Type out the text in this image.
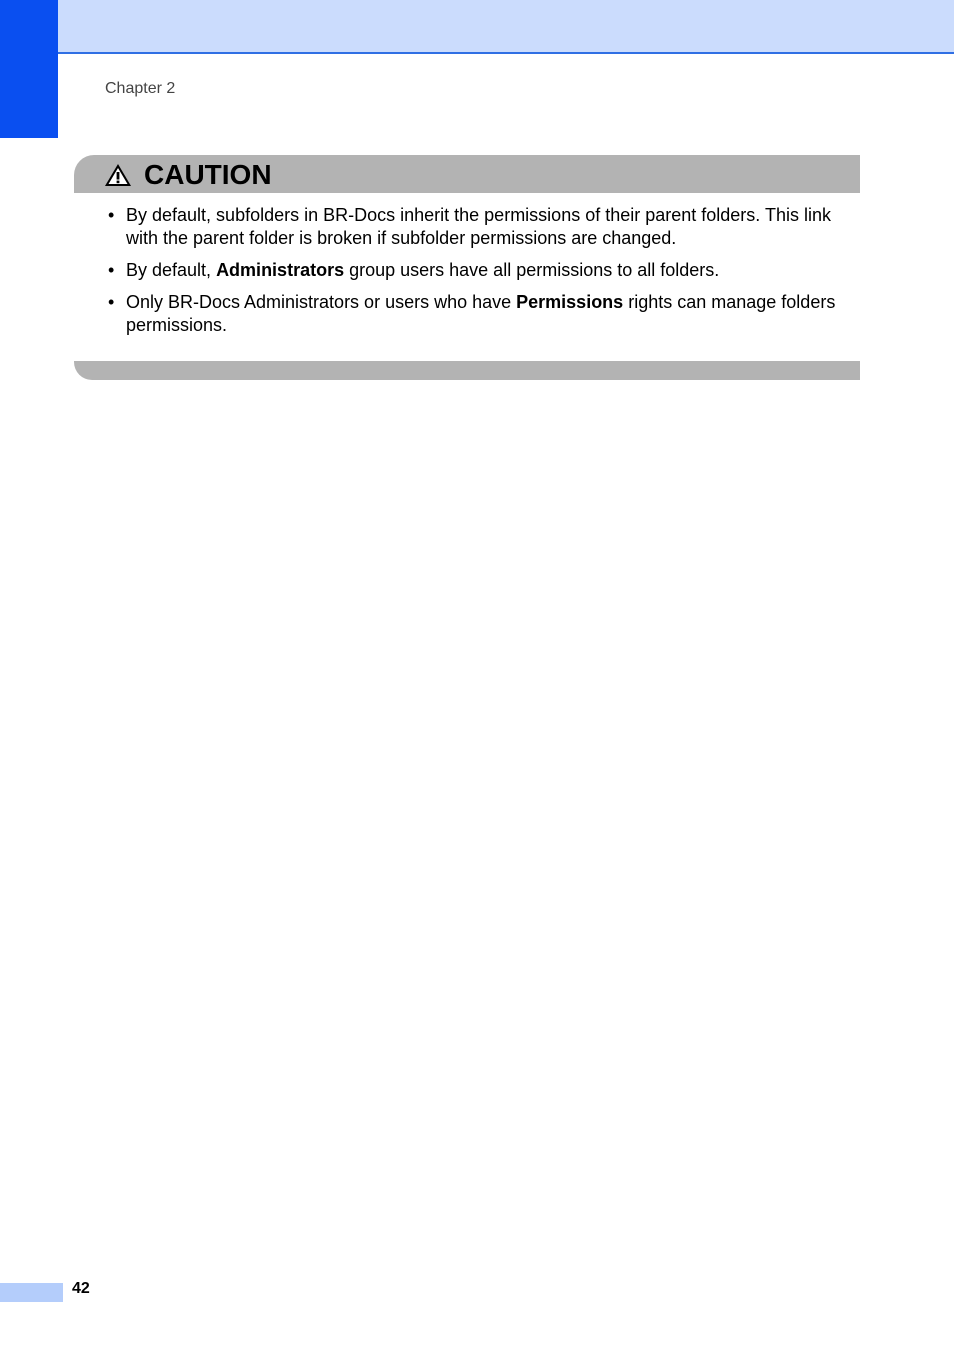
Chapter 2
CAUTION
• By default, subfolders in BR-Docs inherit the permissions of their parent folders. This link with the parent folder is broken if subfolder permissions are changed.
• By default, Administrators group users have all permissions to all folders.
• Only BR-Docs Administrators or users who have Permissions rights can manage folders permissions.
42
